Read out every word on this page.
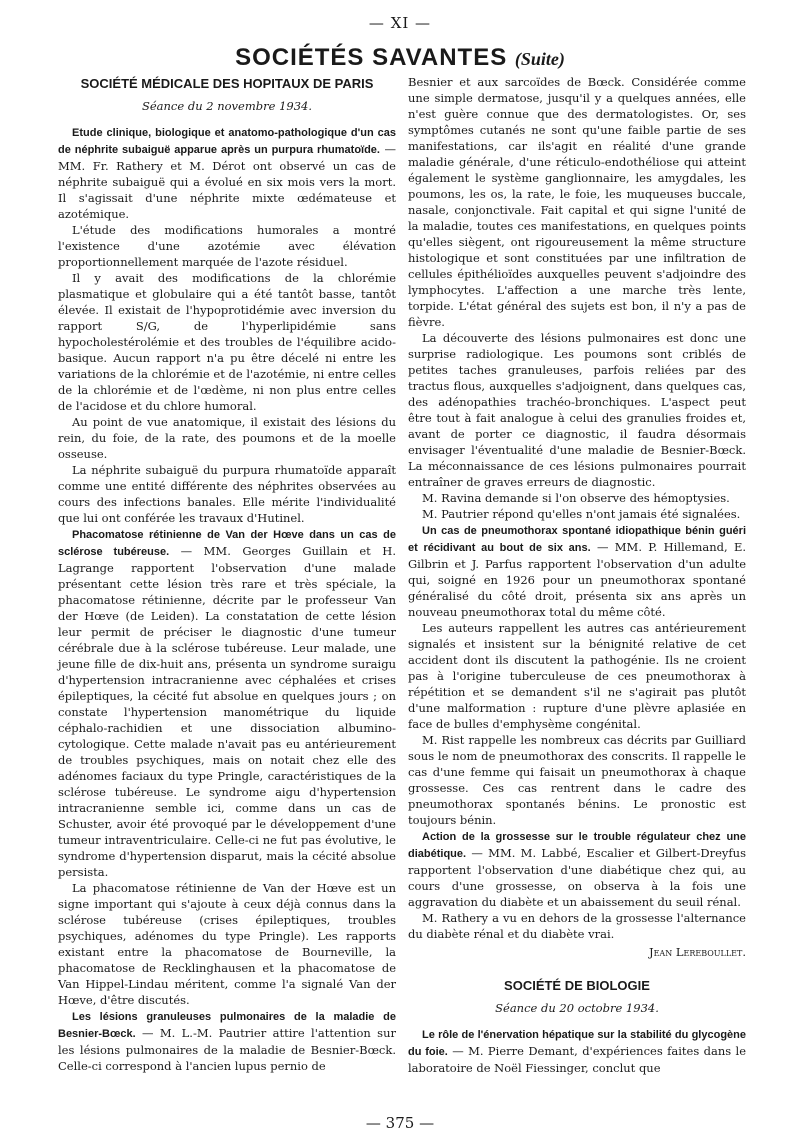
— XI —
SOCIÉTÉS SAVANTES (Suite)
SOCIÉTÉ MÉDICALE DES HOPITAUX DE PARIS
Séance du 2 novembre 1934.

Etude clinique, biologique et anatomo-pathologique d'un cas de néphrite subaiguë apparue après un purpura rhumatoïde. — MM. Fr. Rathery et M. Dérot ont observé un cas de néphrite subaiguë qui a évolué en six mois vers la mort. Il s'agissait d'une néphrite mixte œdémateuse et azotémique.

L'étude des modifications humorales a montré l'existence d'une azotémie avec élévation proportionnellement marquée de l'azote résiduel.

Il y avait des modifications de la chlorémie plasmatique et globulaire qui a été tantôt basse, tantôt élevée. Il existait de l'hypoprotidémie avec inversion du rapport S/G, de l'hyperlipidémie sans hypocholestérolémie et des troubles de l'équilibre acido-basique. Aucun rapport n'a pu être décelé ni entre les variations de la chlorémie et de l'azotémie, ni entre celles de la chlorémie et de l'œdème, ni non plus entre celles de l'acidose et du chlore humoral.

Au point de vue anatomique, il existait des lésions du rein, du foie, de la rate, des poumons et de la moelle osseuse.

La néphrite subaiguë du purpura rhumatoïde apparaît comme une entité différente des néphrites observées au cours des infections banales. Elle mérite l'individualité que lui ont conférée les travaux d'Hutinel.

Phacomatose rétinienne de Van der Hœve dans un cas de sclérose tubéreuse. — MM. Georges Guillain et H. Lagrange rapportent l'observation d'une malade présentant cette lésion très rare et très spéciale, la phacomatose rétinienne, décrite par le professeur Van der Hœve (de Leiden). La constatation de cette lésion leur permit de préciser le diagnostic d'une tumeur cérébrale due à la sclérose tubéreuse. Leur malade, une jeune fille de dix-huit ans, présenta un syndrome suraigu d'hypertension intracranienne avec céphalées et crises épileptiques, la cécité fut absolue en quelques jours ; on constate l'hypertension manométrique du liquide céphalo-rachidien et une dissociation albumino-cytologique. Cette malade n'avait pas eu antérieurement de troubles psychiques, mais on notait chez elle des adénomes faciaux du type Pringle, caractéristiques de la sclérose tubéreuse. Le syndrome aigu d'hypertension intracranienne semble ici, comme dans un cas de Schuster, avoir été provoqué par le développement d'une tumeur intraventriculaire. Celle-ci ne fut pas évolutive, le syndrome d'hypertension disparut, mais la cécité absolue persista.

La phacomatose rétinienne de Van der Hœve est un signe important qui s'ajoute à ceux déjà connus dans la sclérose tubéreuse (crises épileptiques, troubles psychiques, adénomes du type Pringle). Les rapports existant entre la phacomatose de Bourneville, la phacomatose de Recklinghausen et la phacomatose de Van Hippel-Lindau méritent, comme l'a signalé Van der Hœve, d'être discutés.

Les lésions granuleuses pulmonaires de la maladie de Besnier-Bœck. — M. L.-M. Pautrier attire l'attention sur les lésions pulmonaires de la maladie de Besnier-Bœck. Celle-ci correspond à l'ancien lupus pernio de

Besnier et aux sarcoïdes de Bœck. Considérée comme une simple dermatose, jusqu'il y a quelques années, elle n'est guère connue que des dermatologistes. Or, ses symptômes cutanés ne sont qu'une faible partie de ses manifestations, car ils'agit en réalité d'une grande maladie générale, d'une réticulo-endothéliose qui atteint également le système ganglionnaire, les amygdales, les poumons, les os, la rate, le foie, les muqueuses buccale, nasale, conjonctivale. Fait capital et qui signe l'unité de la maladie, toutes ces manifestations, en quelques points qu'elles siègent, ont rigoureusement la même structure histologique et sont constituées par une infiltration de cellules épithélioïdes auxquelles peuvent s'adjoindre des lymphocytes. L'affection a une marche très lente, torpide. L'état général des sujets est bon, il n'y a pas de fièvre.

La découverte des lésions pulmonaires est donc une surprise radiologique. Les poumons sont criblés de petites taches granuleuses, parfois reliées par des tractus flous, auxquelles s'adjoignent, dans quelques cas, des adénopathies trachéo-bronchiques. L'aspect peut être tout à fait analogue à celui des granulies froides et, avant de porter ce diagnostic, il faudra désormais envisager l'éventualité d'une maladie de Besnier-Bœck. La méconnaissance de ces lésions pulmonaires pourrait entraîner de graves erreurs de diagnostic.

M. Ravina demande si l'on observe des hémoptysies.

M. Pautrier répond qu'elles n'ont jamais été signalées.

Un cas de pneumothorax spontané idiopathique bénin guéri et récidivant au bout de six ans. — MM. P. Hillemand, E. Gilbrin et J. Parfus rapportent l'observation d'un adulte qui, soigné en 1926 pour un pneumothorax spontané généralisé du côté droit, présenta six ans après un nouveau pneumothorax total du même côté.

Les auteurs rappellent les autres cas antérieurement signalés et insistent sur la bénignité relative de cet accident dont ils discutent la pathogénie. Ils ne croient pas à l'origine tuberculeuse de ces pneumothorax à répétition et se demandent s'il ne s'agirait pas plutôt d'une malformation : rupture d'une plèvre aplasiée en face de bulles d'emphysème congénital.

M. Rist rappelle les nombreux cas décrits par Guilliard sous le nom de pneumothorax des conscrits. Il rappelle le cas d'une femme qui faisait un pneumothorax à chaque grossesse. Ces cas rentrent dans le cadre des pneumothorax spontanés bénins. Le pronostic est toujours bénin.

Action de la grossesse sur le trouble régulateur chez une diabétique. — MM. M. Labbé, Escalier et Gilbert-Dreyfus rapportent l'observation d'une diabétique chez qui, au cours d'une grossesse, on observa à la fois une aggravation du diabète et un abaissement du seuil rénal.

M. Rathery a vu en dehors de la grossesse l'alternance du diabète rénal et du diabète vrai.

Jean Lereboullet.
SOCIÉTÉ DE BIOLOGIE
Séance du 20 octobre 1934.

Le rôle de l'énervation hépatique sur la stabilité du glycogène du foie. — M. Pierre Demant, d'expériences faites dans le laboratoire de Noël Fiessinger, conclut que

— 375 —
